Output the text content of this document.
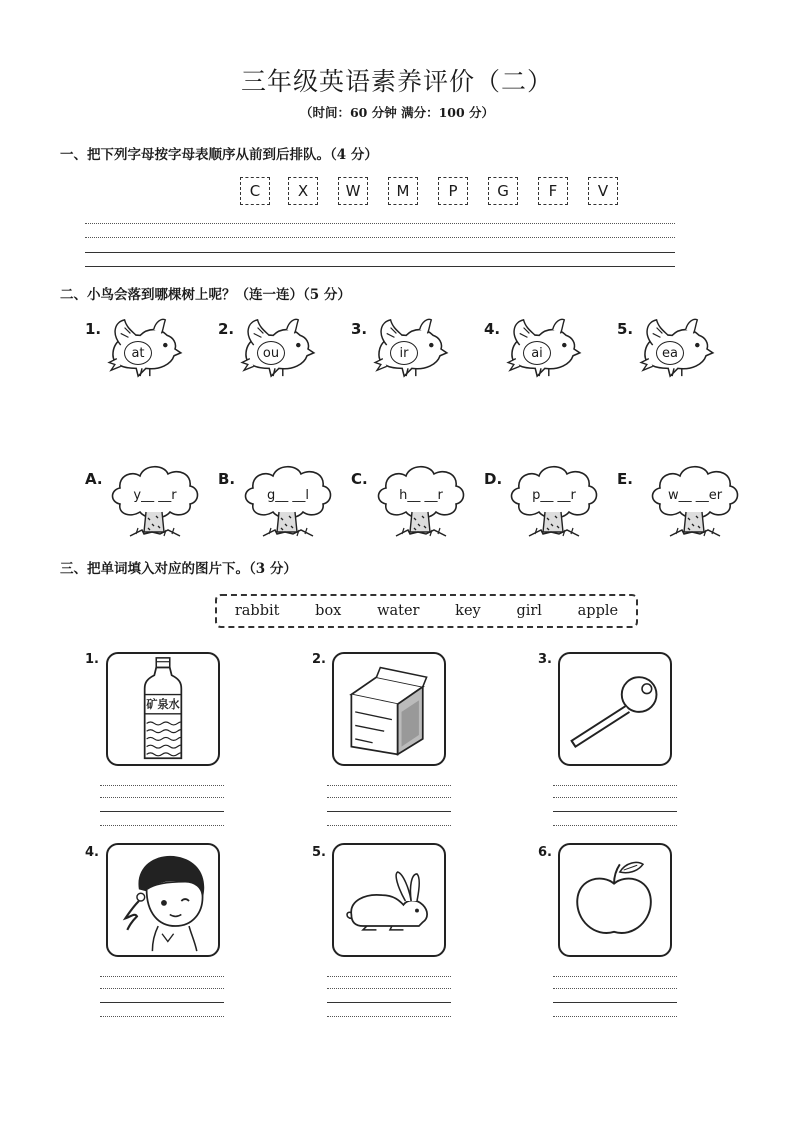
三年级英语素养评价（二）
（时间：60 分钟 满分：100 分）
一、把下列字母按字母表顺序从前到后排队。（4 分）
C	X	W	M	P	G	F	V
二、小鸟会落到哪棵树上呢？（连一连）（5 分）
1.
at
2.
ou
3.
ir
4.
ai
5.
ea
A.
y__ __r
B.
g__ __l
C.
h__ __r
D.
p__ __r
E.
w__ __er
三、把单词填入对应的图片下。（3 分）
rabbit box water key girl apple
1.
矿泉水
2.	3.
4.	5.	6.
